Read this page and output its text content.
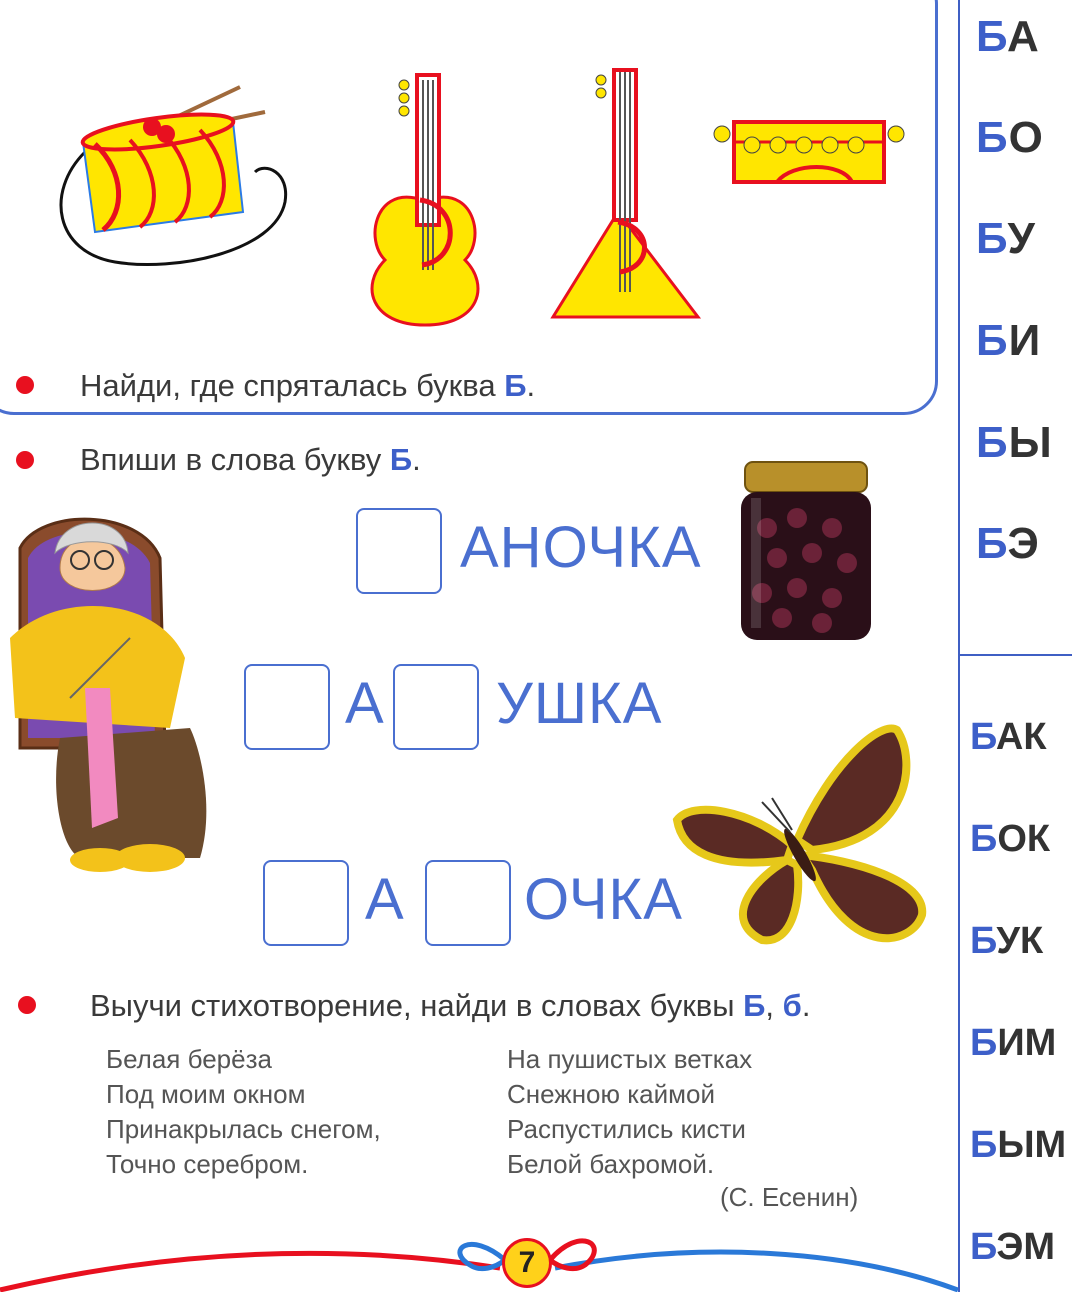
Найди, где спряталась буква Б.
Впиши в слова букву Б.
АНОЧКА
А УШКА
А ОЧКА
Выучи стихотворение, найди в словах буквы Б, б.
Белая берёза
Под моим окном
Принакрылась снегом,
Точно серебром.
На пушистых ветках
Снежною каймой
Распустились кисти
Белой бахромой.
(С. Есенин)
7
БА
БО
БУ
БИ
БЫ
БЭ
БАК
БОК
БУК
БИМ
БЫМ
БЭМ
